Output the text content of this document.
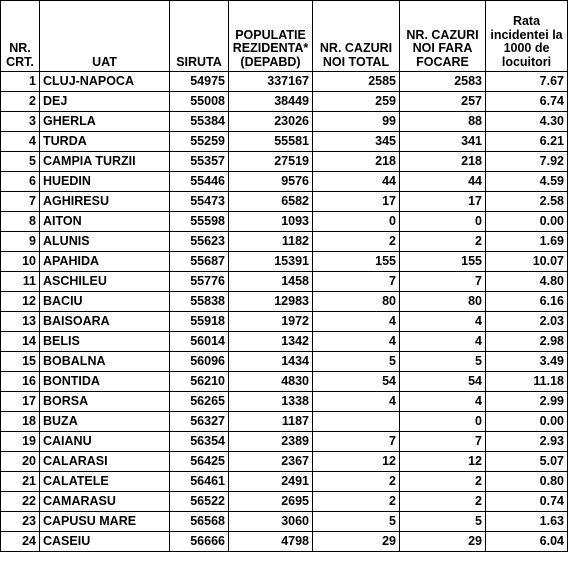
NR. CRT.	UAT	SIRUTA	POPULATIE REZIDENTA* (DEPABD)	NR. CAZURI NOI TOTAL	NR. CAZURI NOI FARA FOCARE	Rata incidentei la 1000 de locuitori
1	CLUJ-NAPOCA	54975	337167	2585	2583	7.67
2	DEJ	55008	38449	259	257	6.74
3	GHERLA	55384	23026	99	88	4.30
4	TURDA	55259	55581	345	341	6.21
5	CAMPIA TURZII	55357	27519	218	218	7.92
6	HUEDIN	55446	9576	44	44	4.59
7	AGHIRESU	55473	6582	17	17	2.58
8	AITON	55598	1093	0	0	0.00
9	ALUNIS	55623	1182	2	2	1.69
10	APAHIDA	55687	15391	155	155	10.07
11	ASCHILEU	55776	1458	7	7	4.80
12	BACIU	55838	12983	80	80	6.16
13	BAISOARA	55918	1972	4	4	2.03
14	BELIS	56014	1342	4	4	2.98
15	BOBALNA	56096	1434	5	5	3.49
16	BONTIDA	56210	4830	54	54	11.18
17	BORSA	56265	1338	4	4	2.99
18	BUZA	56327	1187		0	0.00
19	CAIANU	56354	2389	7	7	2.93
20	CALARASI	56425	2367	12	12	5.07
21	CALATELE	56461	2491	2	2	0.80
22	CAMARASU	56522	2695	2	2	0.74
23	CAPUSU MARE	56568	3060	5	5	1.63
24	CASEIU	56666	4798	29	29	6.04
